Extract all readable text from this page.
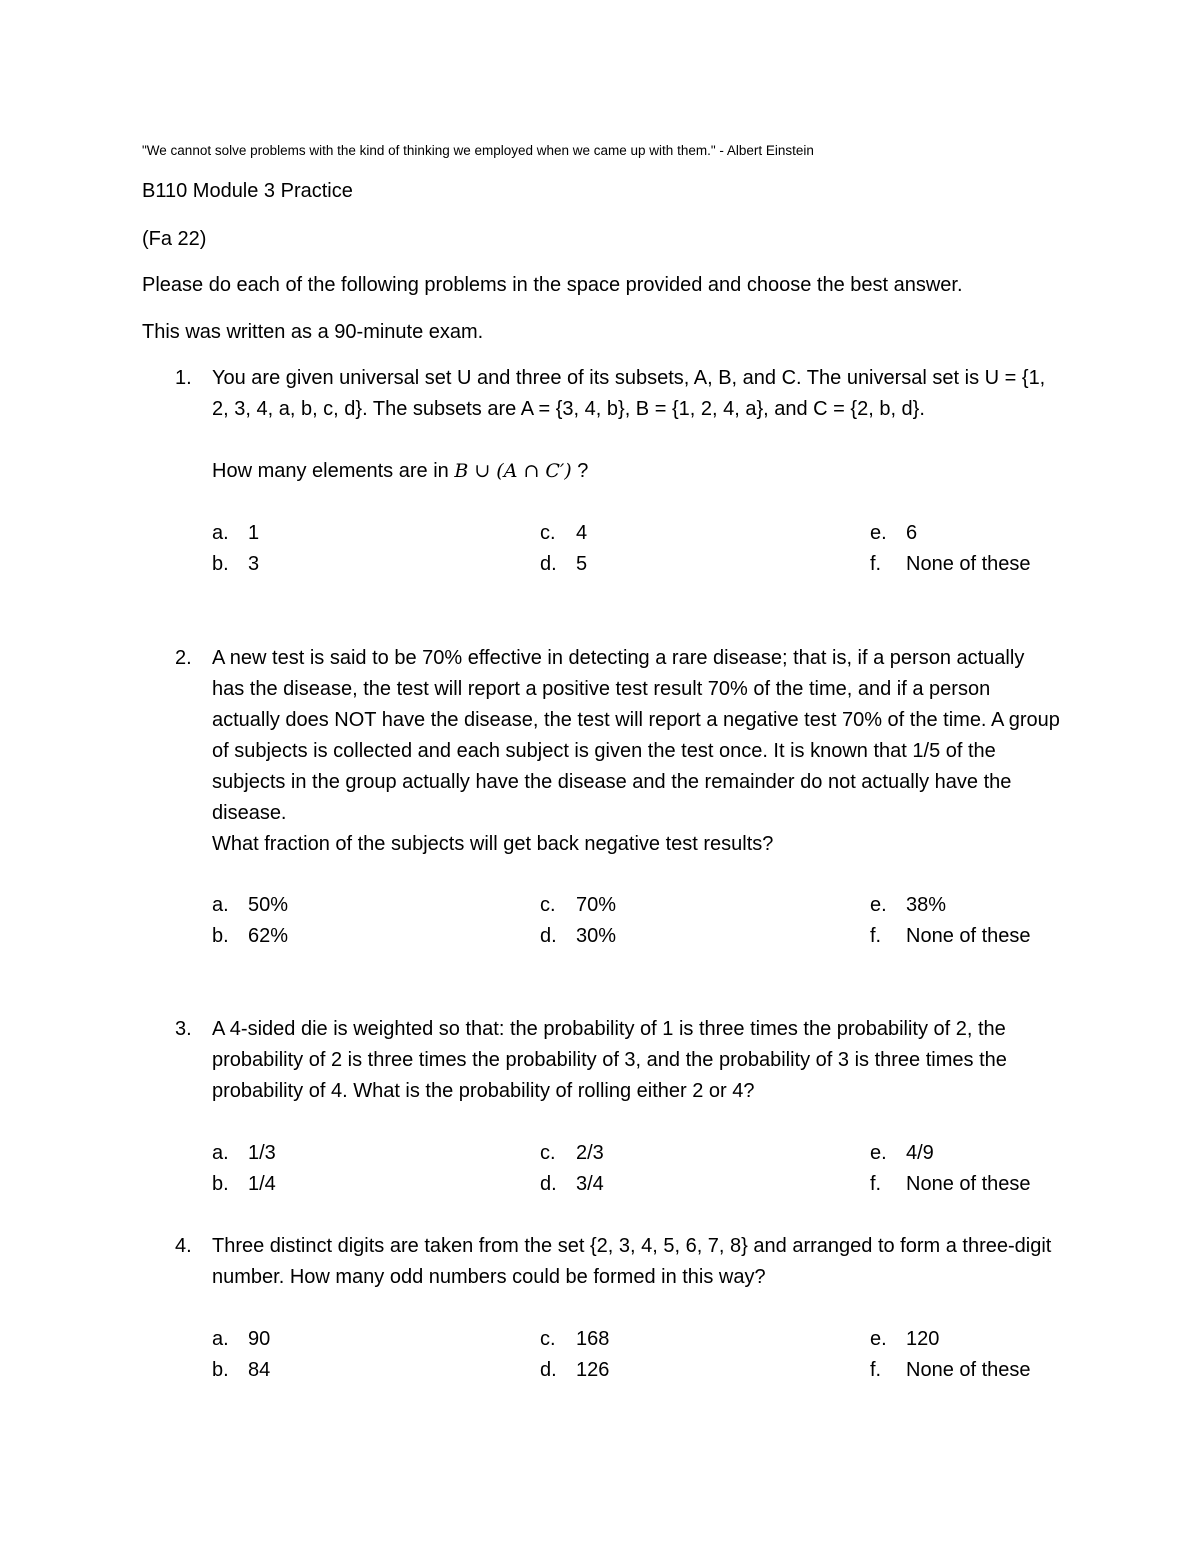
"We cannot solve problems with the kind of thinking we employed when we came up with them." - Albert Einstein
B110 Module 3 Practice
(Fa 22)
Please do each of the following problems in the space provided and choose the best answer.
This was written as a 90-minute exam.
1. You are given universal set U and three of its subsets, A, B, and C. The universal set is U = {1, 2, 3, 4, a, b, c, d}. The subsets are A = {3, 4, b}, B = {1, 2, 4, a}, and C = {2, b, d}.

How many elements are in B ∪ (A ∩ C′) ?

a. 1
b. 3
c. 4
d. 5
e. 6
f. None of these
2. A new test is said to be 70% effective in detecting a rare disease; that is, if a person actually has the disease, the test will report a positive test result 70% of the time, and if a person actually does NOT have the disease, the test will report a negative test 70% of the time. A group of subjects is collected and each subject is given the test once. It is known that 1/5 of the subjects in the group actually have the disease and the remainder do not actually have the disease.

What fraction of the subjects will get back negative test results?

a. 50%
b. 62%
c. 70%
d. 30%
e. 38%
f. None of these
3. A 4-sided die is weighted so that: the probability of 1 is three times the probability of 2, the probability of 2 is three times the probability of 3, and the probability of 3 is three times the probability of 4. What is the probability of rolling either 2 or 4?

a. 1/3
b. 1/4
c. 2/3
d. 3/4
e. 4/9
f. None of these
4. Three distinct digits are taken from the set {2, 3, 4, 5, 6, 7, 8} and arranged to form a three-digit number. How many odd numbers could be formed in this way?

a. 90
b. 84
c. 168
d. 126
e. 120
f. None of these
